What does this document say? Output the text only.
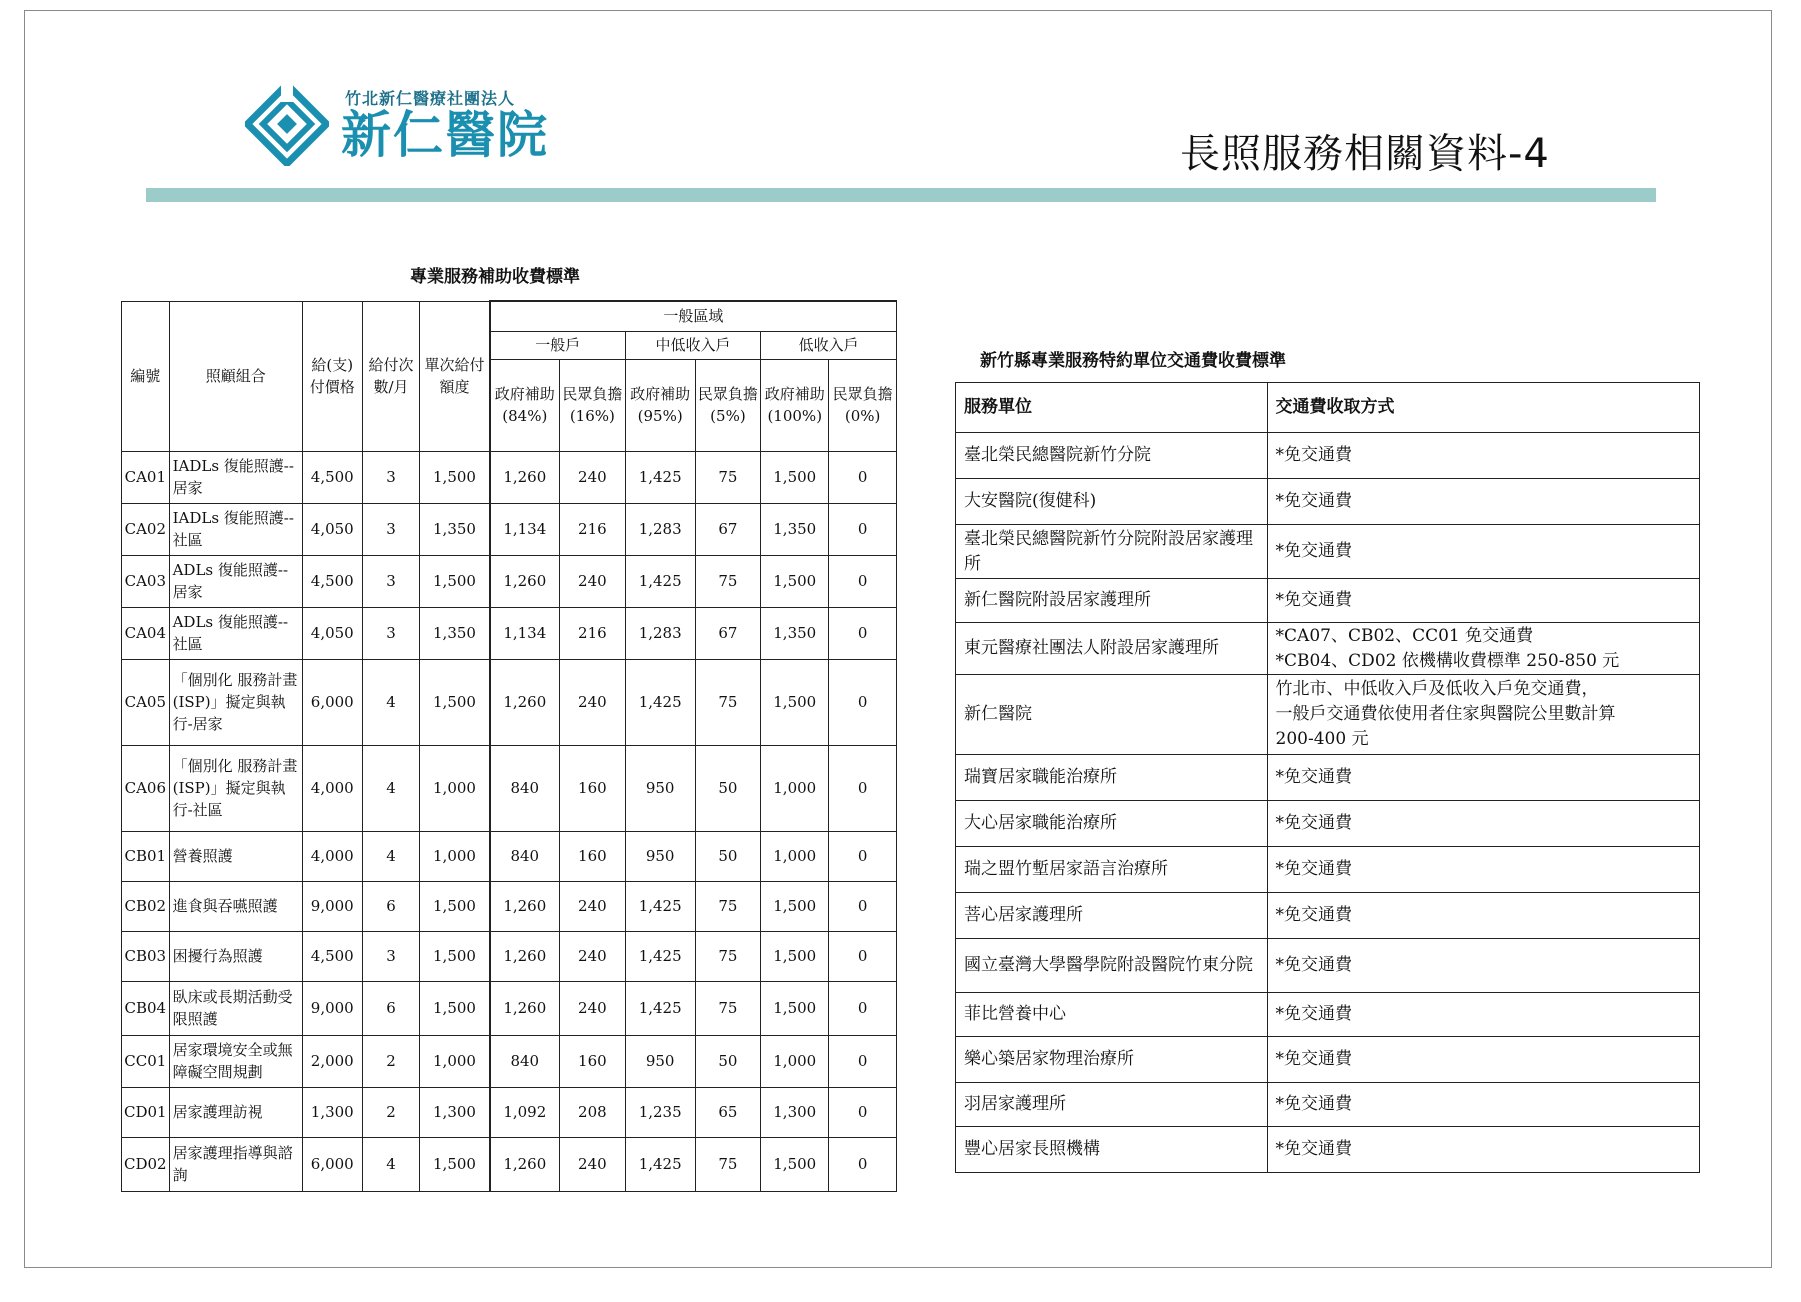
竹北新仁醫療社團法人
新仁醫院	長照服務相關資料-4
專業服務補助收費標準
編號	照顧組合	給(支)付價格	給付次數/月	單次給付額度	一般區域					
					一般戶		中低收入戶		低收入戶	
					政府補助(84%)	民眾負擔(16%)	政府補助(95%)	民眾負擔(5%)	政府補助(100%)	民眾負擔(0%)
CA01	IADLs 復能照護--居家	4,500	3	1,500	1,260	240	1,425	75	1,500	0
CA02	IADLs 復能照護--社區	4,050	3	1,350	1,134	216	1,283	67	1,350	0
CA03	ADLs 復能照護--居家	4,500	3	1,500	1,260	240	1,425	75	1,500	0
CA04	ADLs 復能照護--社區	4,050	3	1,350	1,134	216	1,283	67	1,350	0
CA05	「個別化 服務計畫(ISP)」擬定與執行-居家	6,000	4	1,500	1,260	240	1,425	75	1,500	0
CA06	「個別化 服務計畫(ISP)」擬定與執行-社區	4,000	4	1,000	840	160	950	50	1,000	0
CB01	營養照護	4,000	4	1,000	840	160	950	50	1,000	0
CB02	進食與吞嚥照護	9,000	6	1,500	1,260	240	1,425	75	1,500	0
CB03	困擾行為照護	4,500	3	1,500	1,260	240	1,425	75	1,500	0
CB04	臥床或長期活動受限照護	9,000	6	1,500	1,260	240	1,425	75	1,500	0
CC01	居家環境安全或無障礙空間規劃	2,000	2	1,000	840	160	950	50	1,000	0
CD01	居家護理訪視	1,300	2	1,300	1,092	208	1,235	65	1,300	0
CD02	居家護理指導與諮詢	6,000	4	1,500	1,260	240	1,425	75	1,500	0
新竹縣專業服務特約單位交通費收費標準
服務單位	交通費收取方式
臺北榮民總醫院新竹分院	*免交通費
大安醫院(復健科)	*免交通費
臺北榮民總醫院新竹分院附設居家護理所	*免交通費
新仁醫院附設居家護理所	*免交通費
東元醫療社團法人附設居家護理所	*CA07、CB02、CC01 免交通費
*CB04、CD02 依機構收費標準 250-850 元
新仁醫院	竹北市、中低收入戶及低收入戶免交通費，
一般戶交通費依使用者住家與醫院公里數計算
200-400 元
瑞寶居家職能治療所	*免交通費
大心居家職能治療所	*免交通費
瑞之盟竹塹居家語言治療所	*免交通費
菩心居家護理所	*免交通費
國立臺灣大學醫學院附設醫院竹東分院	*免交通費
菲比營養中心	*免交通費
樂心築居家物理治療所	*免交通費
羽居家護理所	*免交通費
豐心居家長照機構	*免交通費
